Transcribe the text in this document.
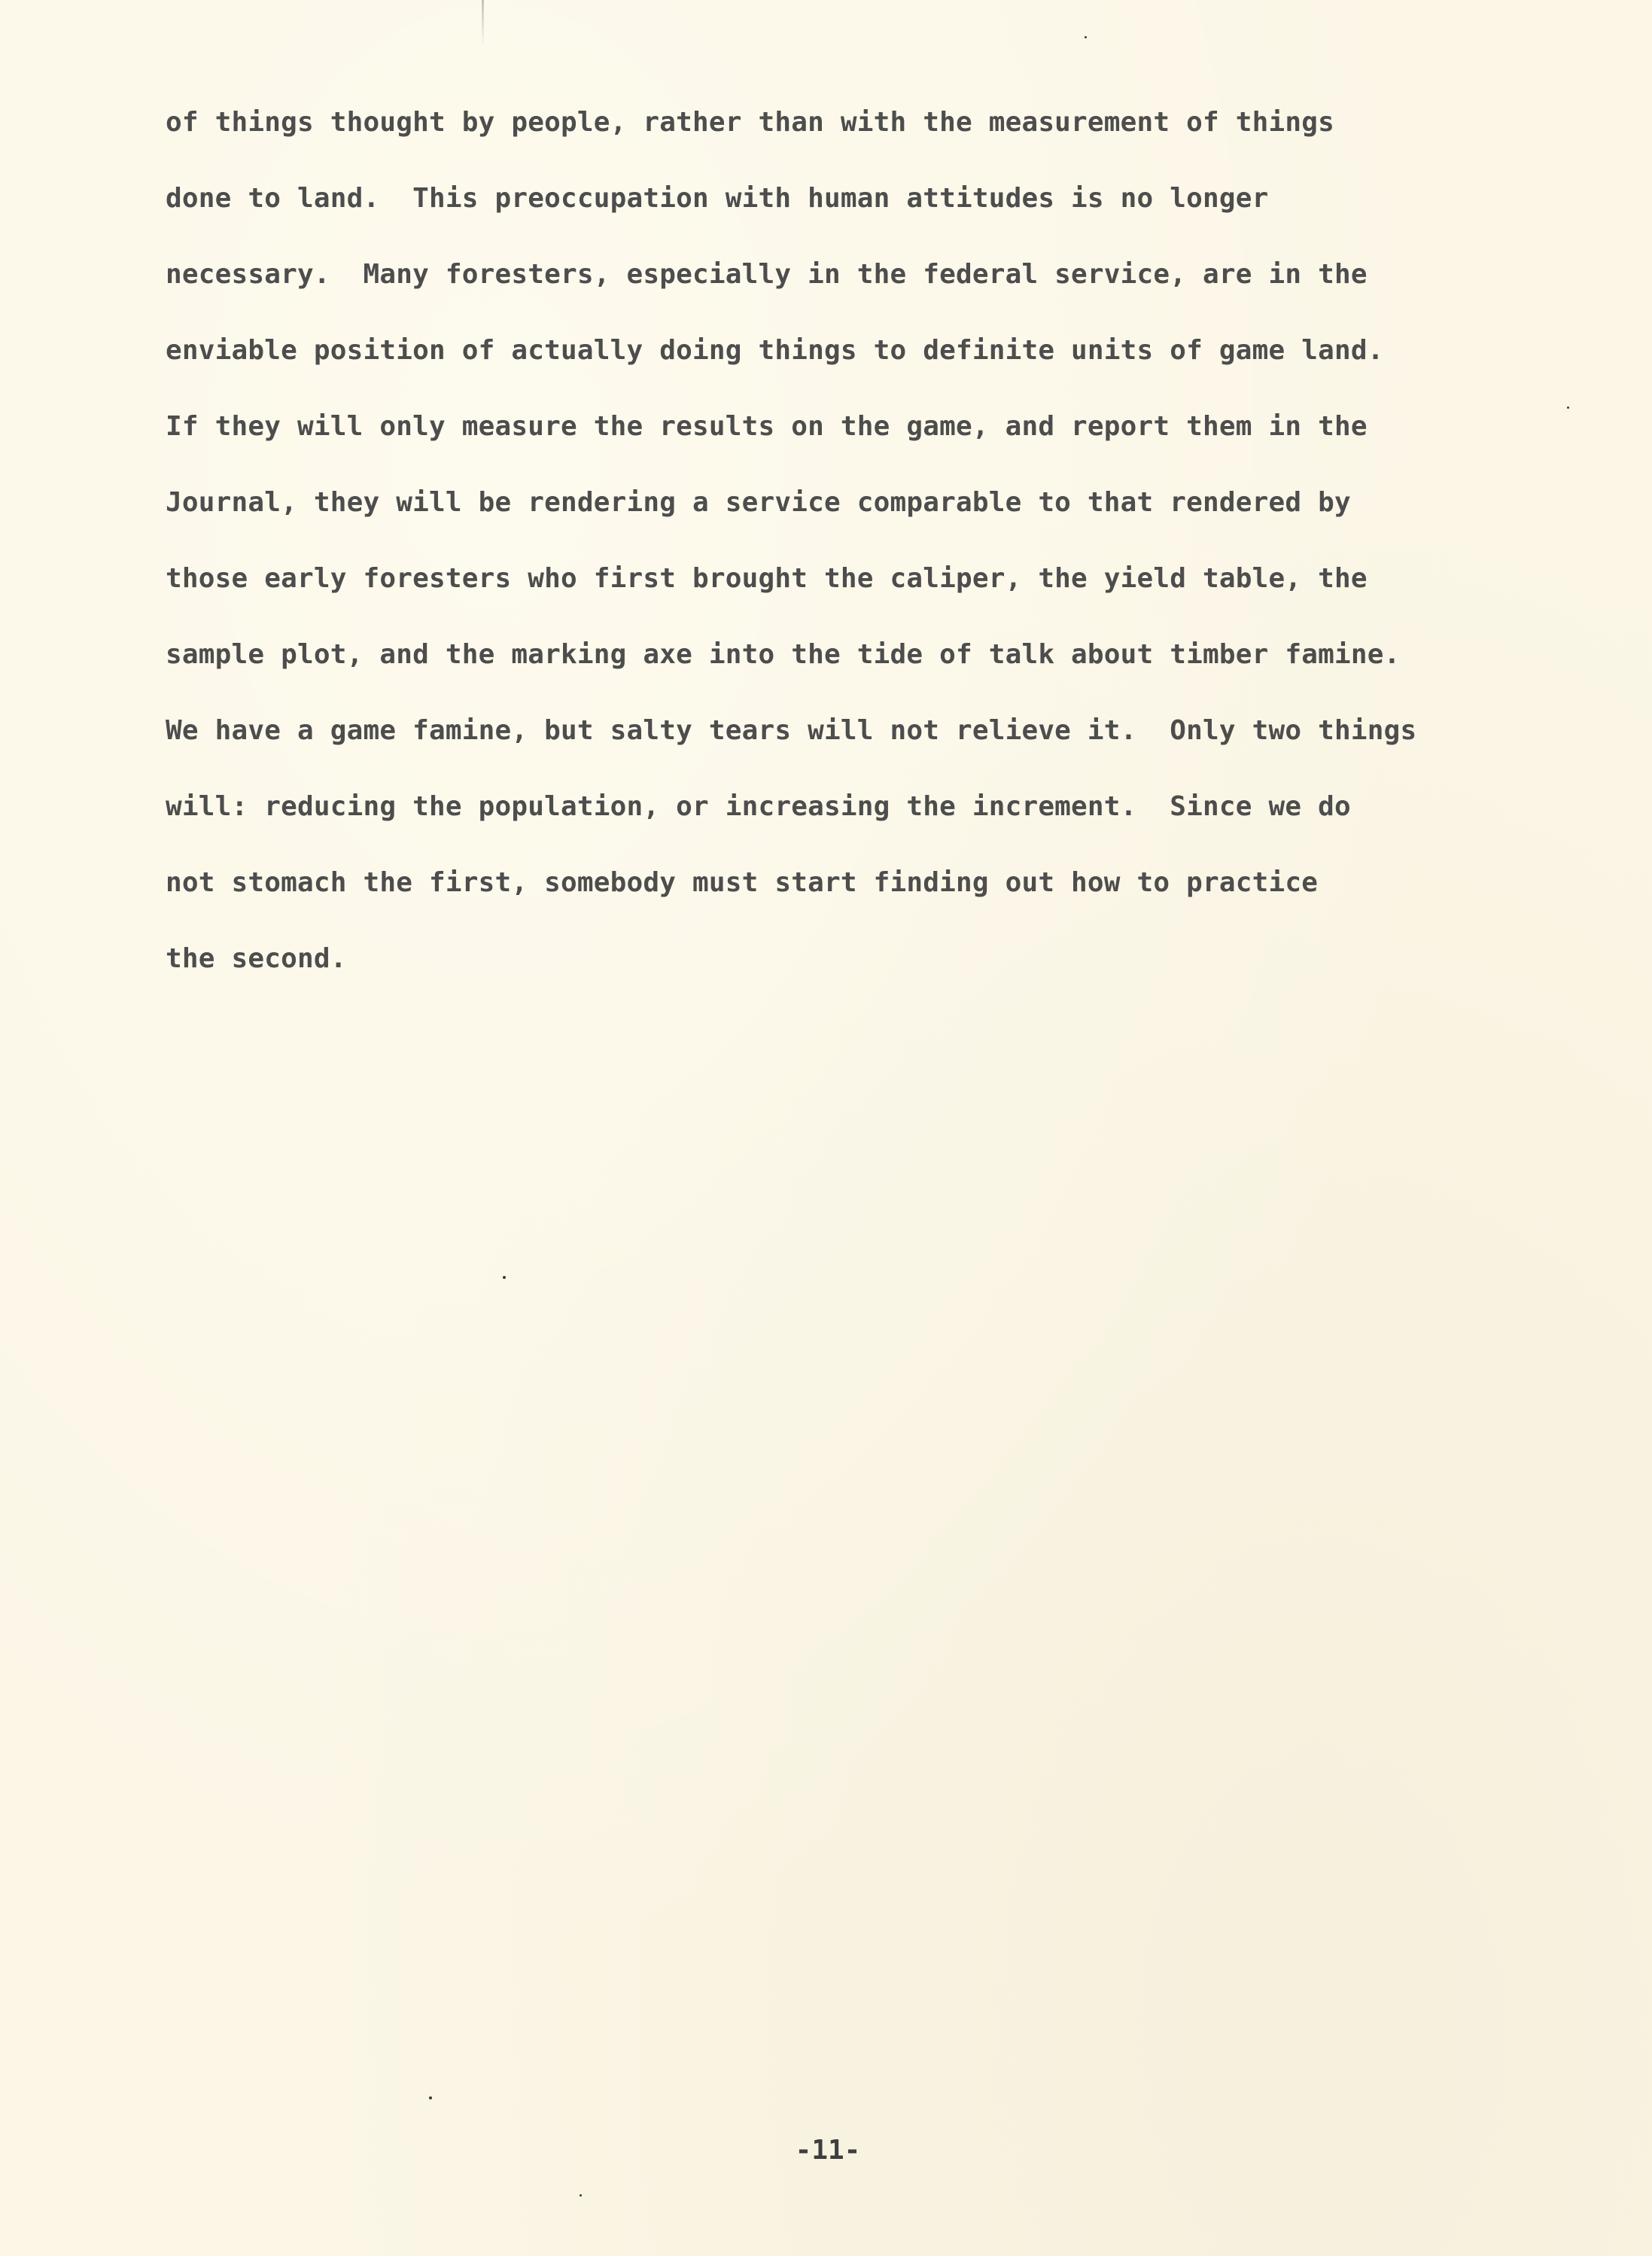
of things thought by people, rather than with the measurement of things
done to land.  This preoccupation with human attitudes is no longer
necessary.  Many foresters, especially in the federal service, are in the
enviable position of actually doing things to definite units of game land.
If they will only measure the results on the game, and report them in the
Journal, they will be rendering a service comparable to that rendered by
those early foresters who first brought the caliper, the yield table, the
sample plot, and the marking axe into the tide of talk about timber famine.
We have a game famine, but salty tears will not relieve it.  Only two things
will: reducing the population, or increasing the increment.  Since we do
not stomach the first, somebody must start finding out how to practice
the second.
-11-
